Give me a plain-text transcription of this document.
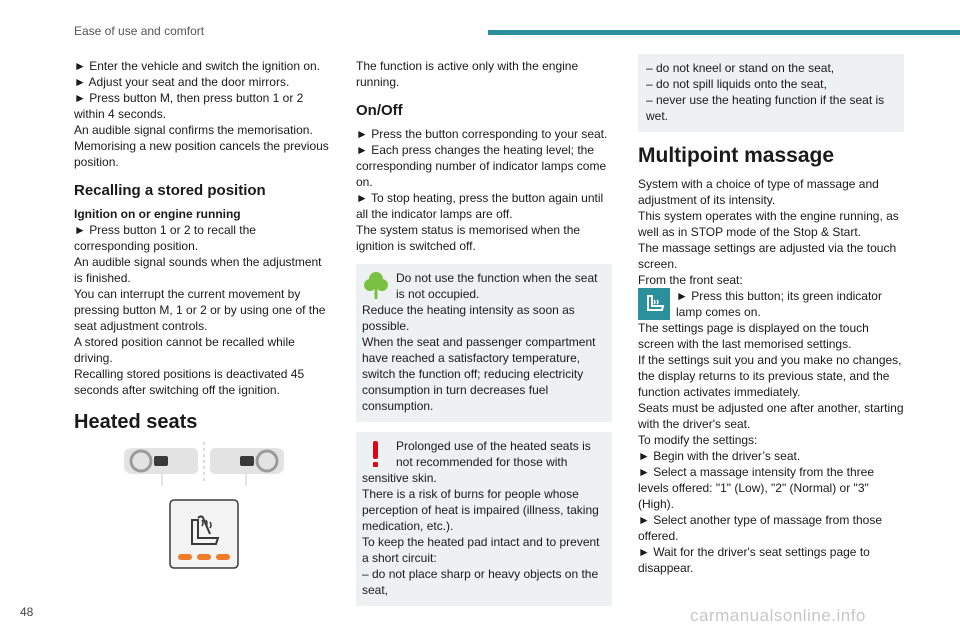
Ease of use and comfort
► Enter the vehicle and switch the ignition on.
► Adjust your seat and the door mirrors.
► Press button M, then press button 1 or 2 within 4 seconds.
An audible signal confirms the memorisation.
Memorising a new position cancels the previous position.
Recalling a stored position
Ignition on or engine running
► Press button 1 or 2 to recall the corresponding position.
An audible signal sounds when the adjustment is finished.
You can interrupt the current movement by pressing button M, 1 or 2 or by using one of the seat adjustment controls.
A stored position cannot be recalled while driving.
Recalling stored positions is deactivated 45 seconds after switching off the ignition.
Heated seats
The function is active only with the engine running.
On/Off
► Press the button corresponding to your seat.
► Each press changes the heating level; the corresponding number of indicator lamps come on.
► To stop heating, press the button again until all the indicator lamps are off.
The system status is memorised when the ignition is switched off.
Do not use the function when the seat is not occupied.
Reduce the heating intensity as soon as possible.
When the seat and passenger compartment have reached a satisfactory temperature, switch the function off; reducing electricity consumption in turn decreases fuel consumption.
Prolonged use of the heated seats is not recommended for those with sensitive skin.
There is a risk of burns for people whose perception of heat is impaired (illness, taking medication, etc.).
To keep the heated pad intact and to prevent a short circuit:
– do not place sharp or heavy objects on the seat,
– do not kneel or stand on the seat,
– do not spill liquids onto the seat,
– never use the heating function if the seat is wet.
Multipoint massage
System with a choice of type of massage and adjustment of its intensity.
This system operates with the engine running, as well as in STOP mode of the Stop & Start.
The massage settings are adjusted via the touch screen.
From the front seat:
► Press this button; its green indicator lamp comes on.
The settings page is displayed on the touch screen with the last memorised settings.
If the settings suit you and you make no changes, the display returns to its previous state, and the function activates immediately.
Seats must be adjusted one after another, starting with the driver's seat.
To modify the settings:
► Begin with the driver’s seat.
► Select a massage intensity from the three levels offered: "1" (Low), "2" (Normal) or "3" (High).
► Select another type of massage from those offered.
► Wait for the driver's seat settings page to disappear.
48	carmanualsonline.info
